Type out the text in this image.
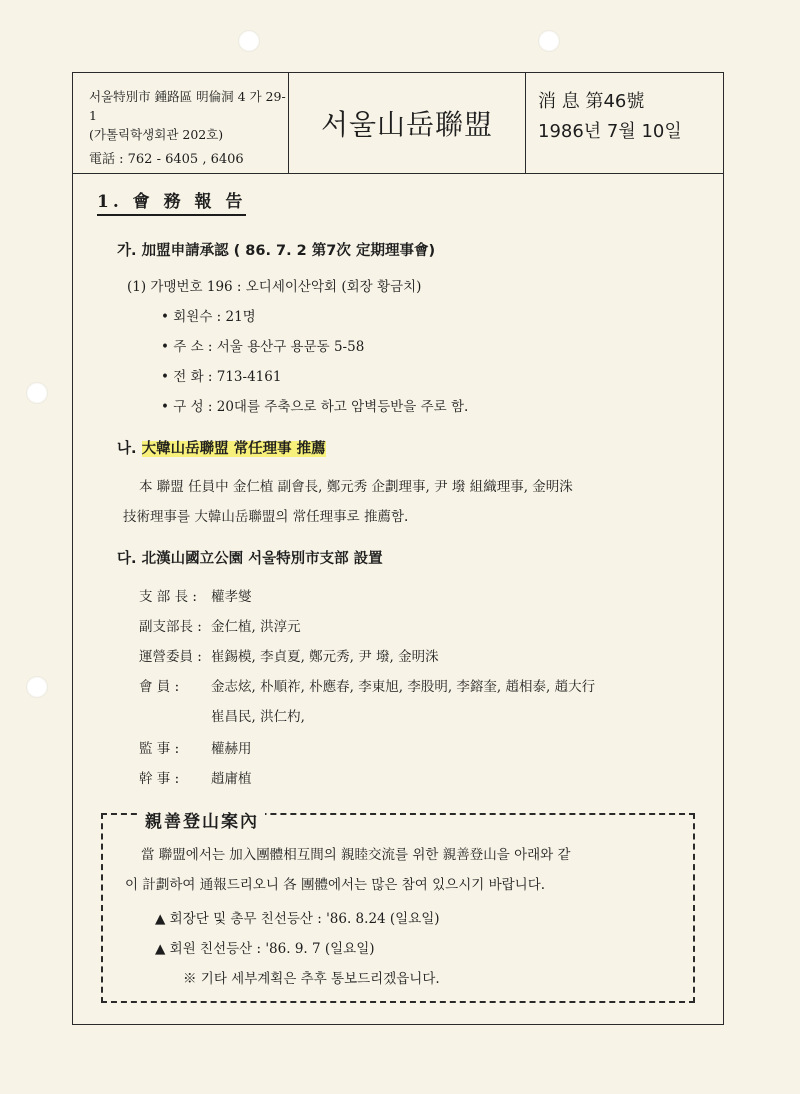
서울特別市 鍾路區 明倫洞 4 가 29-1
(가톨릭학생회관 202호)
電話 : 762 - 6405 , 6406
서울山岳聯盟
消 息 第46號
1986년 7월 10일
1. 會 務 報 告
가. 加盟申請承認 ( 86. 7. 2 第7次 定期理事會)
(1) 가맹번호 196 : 오디세이산악회 (회장 황금치)
• 회원수 : 21명
• 주 소 : 서울 용산구 용문동 5-58
• 전 화 : 713-4161
• 구 성 : 20대를 주축으로 하고 암벽등반을 주로 함.
나. 大韓山岳聯盟 常任理事 推薦
本 聯盟 任員中 金仁植 副會長, 鄭元秀 企劃理事, 尹 墢 組織理事, 金明洙
技術理事를 大韓山岳聯盟의 常任理事로 推薦함.
다. 北漢山國立公園 서울特別市支部 設置
支 部 長 : 權孝燮
副支部長 : 金仁植, 洪淳元
運營委員 : 崔錫模, 李貞夏, 鄭元秀, 尹 墢, 金明洙
會 員 : 金志炫, 朴順祚, 朴應春, 李東旭, 李股明, 李鎔奎, 趙相泰, 趙大行
崔昌民, 洪仁杓,
監 事 : 權赫用
幹 事 : 趙庸植
親善登山案內
當 聯盟에서는 加入團體相互間의 親睦交流를 위한 親善登山을 아래와 같
이 計劃하여 通報드리오니 各 團體에서는 많은 참여 있으시기 바랍니다.
▲ 회장단 및 총무 친선등산 : '86. 8.24 (일요일)
▲ 회원 친선등산 : '86. 9. 7 (일요일)
※ 기타 세부계획은 추후 통보드리겠읍니다.
